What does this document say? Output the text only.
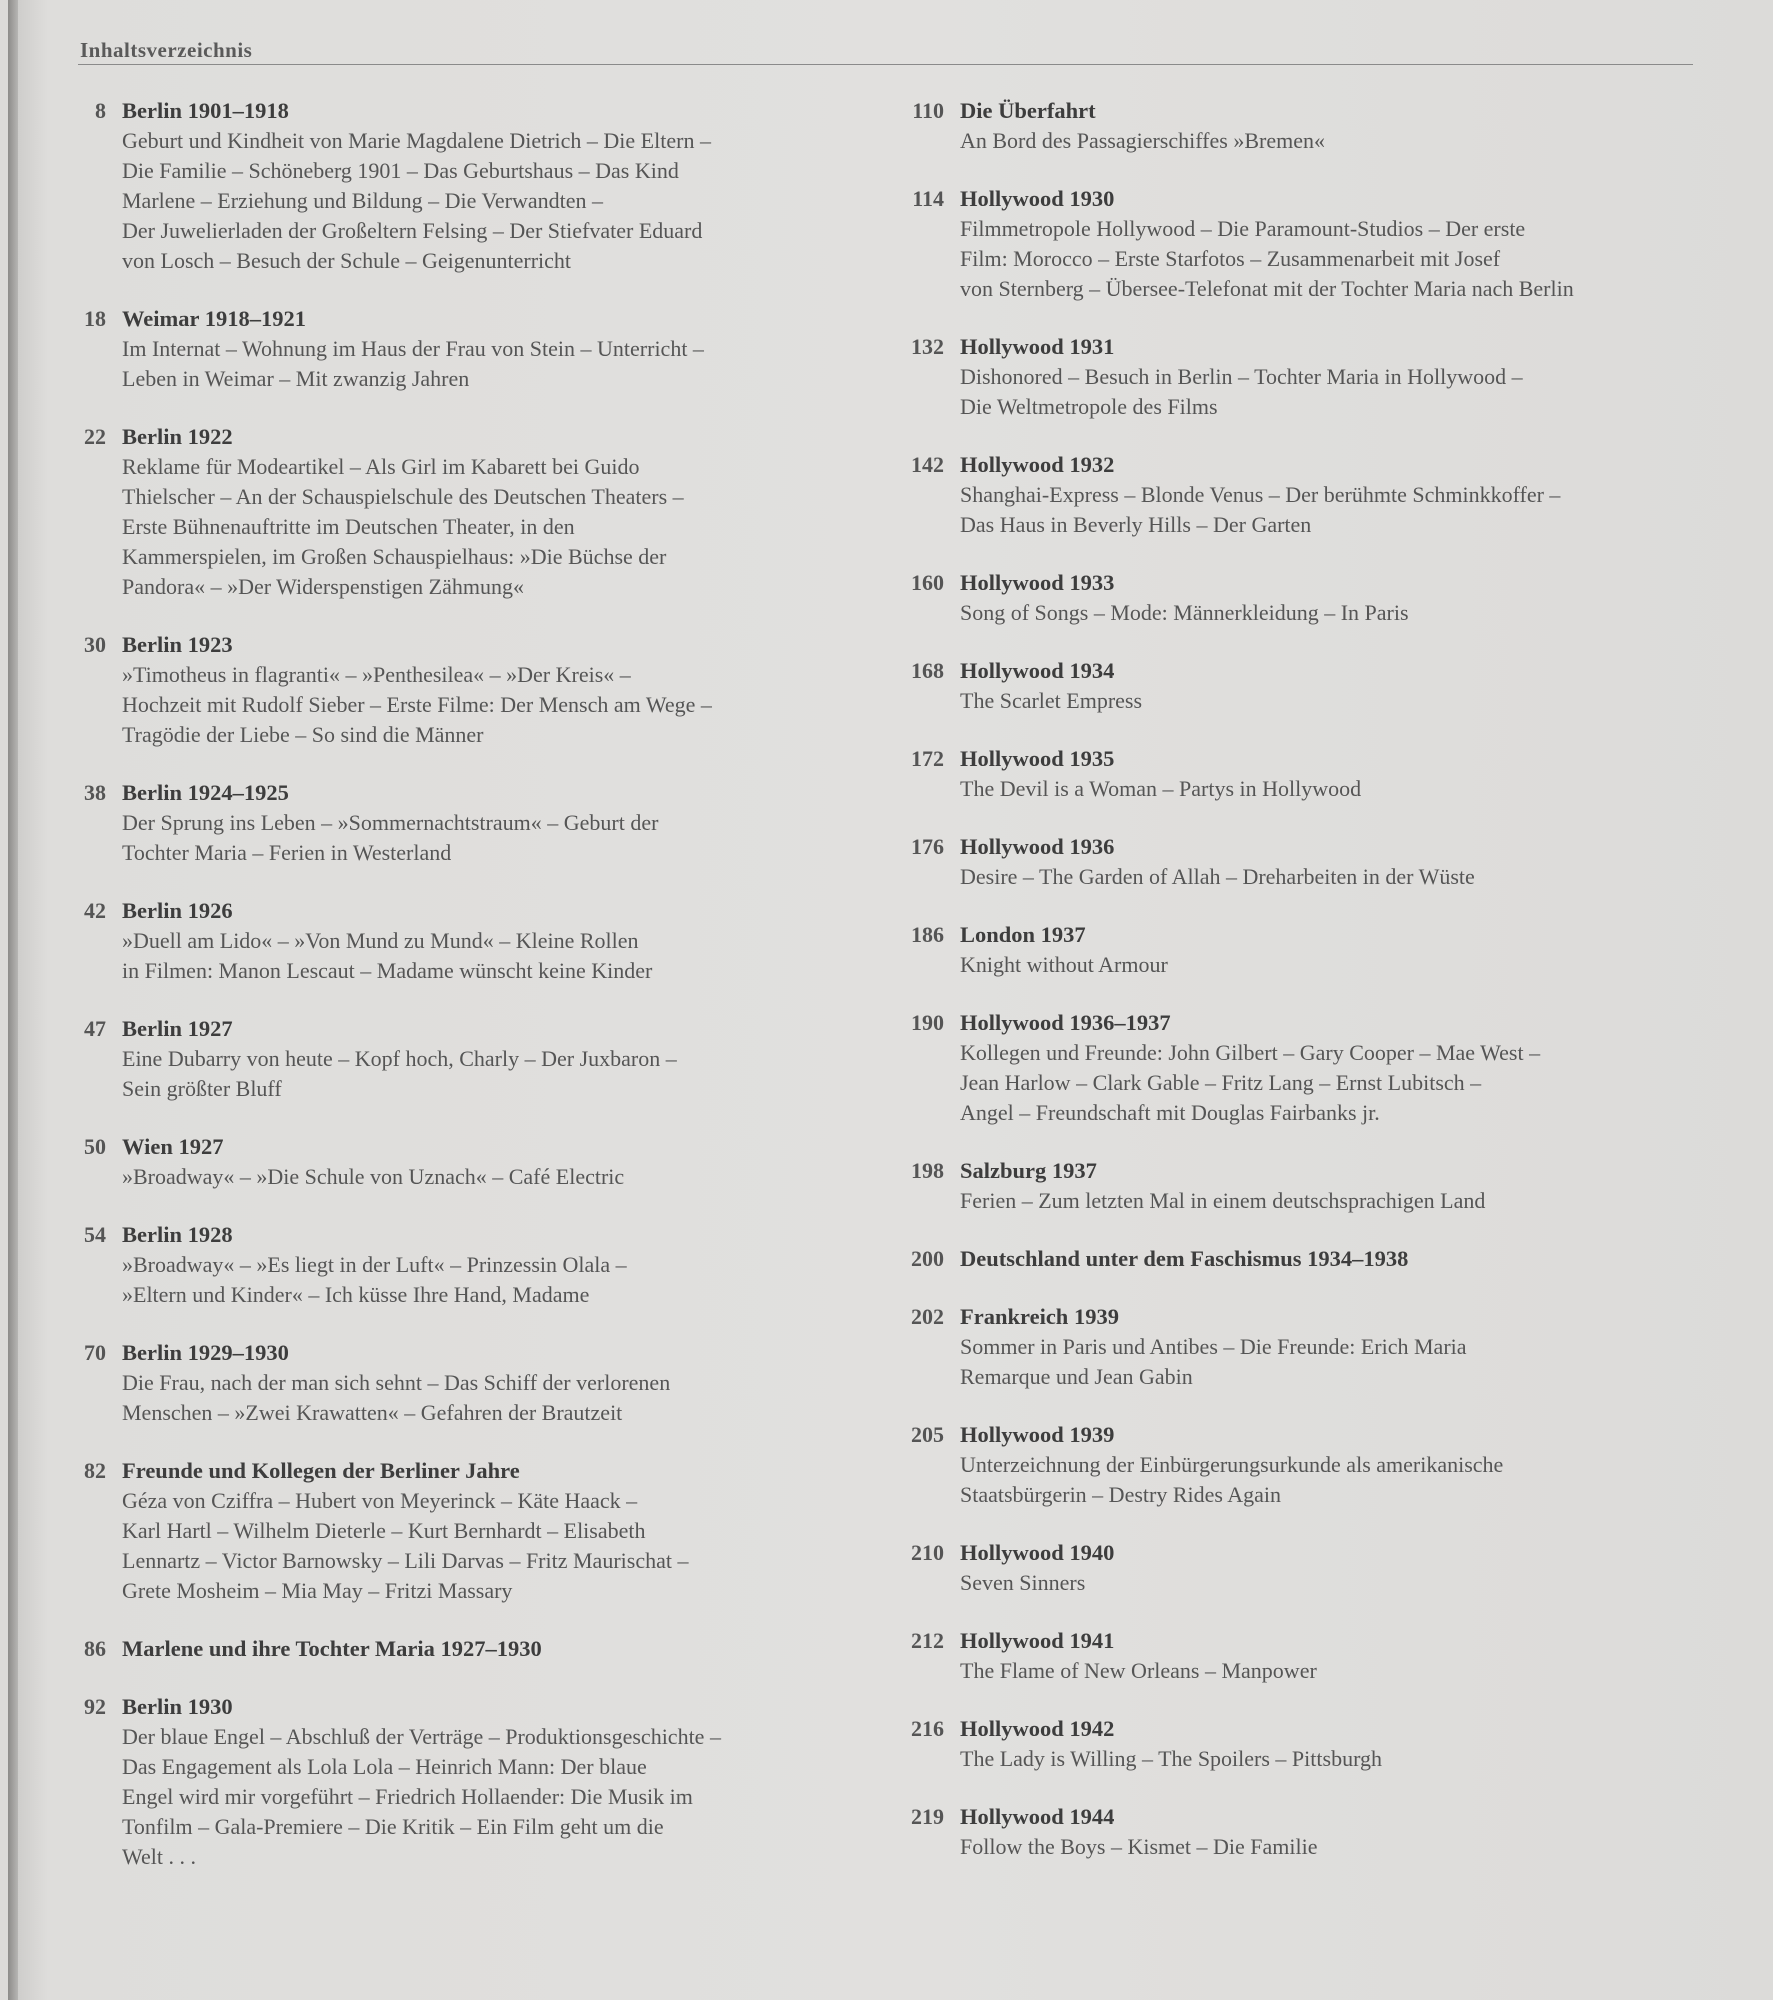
Inhaltsverzeichnis
8 Berlin 1901–1918
Geburt und Kindheit von Marie Magdalene Dietrich – Die Eltern –
Die Familie – Schöneberg 1901 – Das Geburtshaus – Das Kind
Marlene – Erziehung und Bildung – Die Verwandten –
Der Juwelierladen der Großeltern Felsing – Der Stiefvater Eduard
von Losch – Besuch der Schule – Geigenunterricht
18 Weimar 1918–1921
Im Internat – Wohnung im Haus der Frau von Stein – Unterricht –
Leben in Weimar – Mit zwanzig Jahren
22 Berlin 1922
Reklame für Modeartikel – Als Girl im Kabarett bei Guido
Thielscher – An der Schauspielschule des Deutschen Theaters –
Erste Bühnenauftritte im Deutschen Theater, in den
Kammerspielen, im Großen Schauspielhaus: »Die Büchse der
Pandora« – »Der Widerspenstigen Zähmung«
30 Berlin 1923
»Timotheus in flagranti« – »Penthesilea« – »Der Kreis« –
Hochzeit mit Rudolf Sieber – Erste Filme: Der Mensch am Wege –
Tragödie der Liebe – So sind die Männer
38 Berlin 1924–1925
Der Sprung ins Leben – »Sommernachtstraum« – Geburt der
Tochter Maria – Ferien in Westerland
42 Berlin 1926
»Duell am Lido« – »Von Mund zu Mund« – Kleine Rollen
in Filmen: Manon Lescaut – Madame wünscht keine Kinder
47 Berlin 1927
Eine Dubarry von heute – Kopf hoch, Charly – Der Juxbaron –
Sein größter Bluff
50 Wien 1927
»Broadway« – »Die Schule von Uznach« – Café Electric
54 Berlin 1928
»Broadway« – »Es liegt in der Luft« – Prinzessin Olala –
»Eltern und Kinder« – Ich küsse Ihre Hand, Madame
70 Berlin 1929–1930
Die Frau, nach der man sich sehnt – Das Schiff der verlorenen
Menschen – »Zwei Krawatten« – Gefahren der Brautzeit
82 Freunde und Kollegen der Berliner Jahre
Géza von Cziffra – Hubert von Meyerinck – Käte Haack –
Karl Hartl – Wilhelm Dieterle – Kurt Bernhardt – Elisabeth
Lennartz – Victor Barnowsky – Lili Darvas – Fritz Maurischat –
Grete Mosheim – Mia May – Fritzi Massary
86 Marlene und ihre Tochter Maria 1927–1930
92 Berlin 1930
Der blaue Engel – Abschluß der Verträge – Produktionsgeschichte –
Das Engagement als Lola Lola – Heinrich Mann: Der blaue
Engel wird mir vorgeführt – Friedrich Hollaender: Die Musik im
Tonfilm – Gala-Premiere – Die Kritik – Ein Film geht um die
Welt . . .
110 Die Überfahrt
An Bord des Passagierschiffes »Bremen«
114 Hollywood 1930
Filmmetropole Hollywood – Die Paramount-Studios – Der erste
Film: Morocco – Erste Starfotos – Zusammenarbeit mit Josef
von Sternberg – Übersee-Telefonat mit der Tochter Maria nach Berlin
132 Hollywood 1931
Dishonored – Besuch in Berlin – Tochter Maria in Hollywood –
Die Weltmetropole des Films
142 Hollywood 1932
Shanghai-Express – Blonde Venus – Der berühmte Schminkkoffer –
Das Haus in Beverly Hills – Der Garten
160 Hollywood 1933
Song of Songs – Mode: Männerkleidung – In Paris
168 Hollywood 1934
The Scarlet Empress
172 Hollywood 1935
The Devil is a Woman – Partys in Hollywood
176 Hollywood 1936
Desire – The Garden of Allah – Dreharbeiten in der Wüste
186 London 1937
Knight without Armour
190 Hollywood 1936–1937
Kollegen und Freunde: John Gilbert – Gary Cooper – Mae West –
Jean Harlow – Clark Gable – Fritz Lang – Ernst Lubitsch –
Angel – Freundschaft mit Douglas Fairbanks jr.
198 Salzburg 1937
Ferien – Zum letzten Mal in einem deutschsprachigen Land
200 Deutschland unter dem Faschismus 1934–1938
202 Frankreich 1939
Sommer in Paris und Antibes – Die Freunde: Erich Maria
Remarque und Jean Gabin
205 Hollywood 1939
Unterzeichnung der Einbürgerungsurkunde als amerikanische
Staatsbürgerin – Destry Rides Again
210 Hollywood 1940
Seven Sinners
212 Hollywood 1941
The Flame of New Orleans – Manpower
216 Hollywood 1942
The Lady is Willing – The Spoilers – Pittsburgh
219 Hollywood 1944
Follow the Boys – Kismet – Die Familie
